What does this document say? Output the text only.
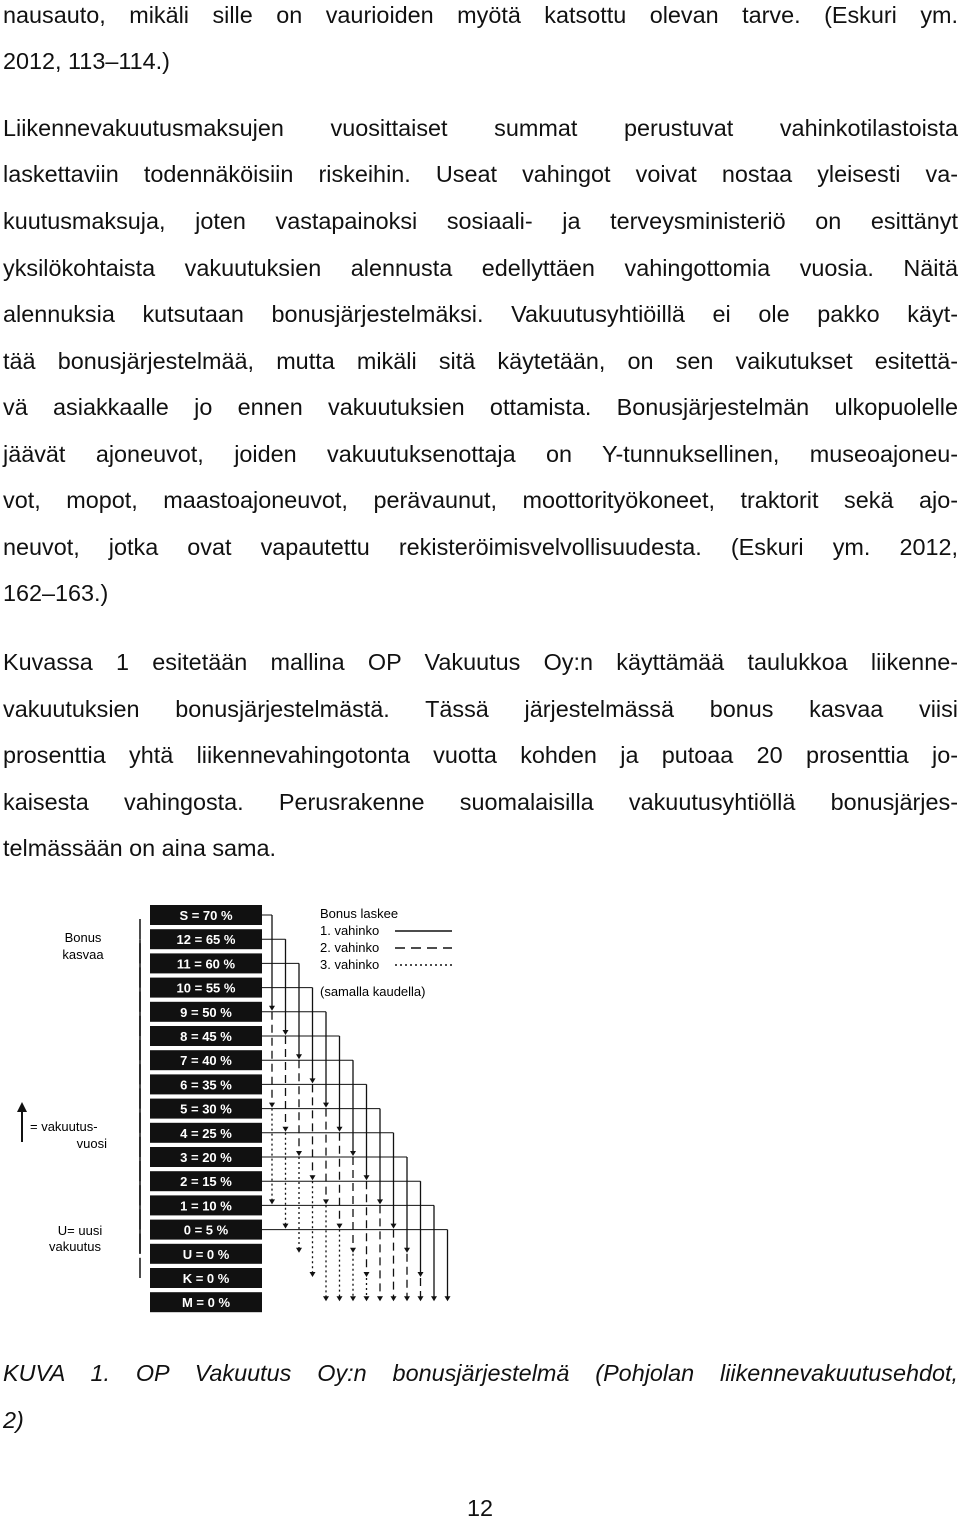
nausauto, mikäli sille on vaurioiden myötä katsottu olevan tarve. (Eskuri ym.
2012, 113–114.)
Liikennevakuutusmaksujen vuosittaiset summat perustuvat vahinkotilastoista
laskettaviin todennäköisiin riskeihin. Useat vahingot voivat nostaa yleisesti va-
kuutusmaksuja, joten vastapainoksi sosiaali- ja terveysministeriö on esittänyt
yksilökohtaista vakuutuksien alennusta edellyttäen vahingottomia vuosia. Näitä
alennuksia kutsutaan bonusjärjestelmäksi. Vakuutusyhtiöillä ei ole pakko käyt-
tää bonusjärjestelmää, mutta mikäli sitä käytetään, on sen vaikutukset esitettä-
vä asiakkaalle jo ennen vakuutuksien ottamista. Bonusjärjestelmän ulkopuolelle
jäävät ajoneuvot, joiden vakuutuksenottaja on Y-tunnuksellinen, museoajoneu-
vot, mopot, maastoajoneuvot, perävaunut, moottorityökoneet, traktorit sekä ajo-
neuvot, jotka ovat vapautettu rekisteröimisvelvollisuudesta. (Eskuri ym. 2012,
162–163.)
Kuvassa 1 esitetään mallina OP Vakuutus Oy:n käyttämää taulukkoa liikenne-
vakuutuksien bonusjärjestelmästä. Tässä järjestelmässä bonus kasvaa viisi
prosenttia yhtä liikennevahingotonta vuotta kohden ja putoaa 20 prosenttia jo-
kaisesta vahingosta. Perusrakenne suomalaisilla vakuutusyhtiöllä bonusjärjes-
telmässään on aina sama.
Bonus
kasvaa
= vakuutus-
vuosi
U= uusi
vakuutus
S = 70 %
12 = 65 %
11 = 60 %
10 = 55 %
9 = 50 %
8 = 45 %
7 = 40 %
6 = 35 %
5 = 30 %
4 = 25 %
3 = 20 %
2 = 15 %
1 = 10 %
0 = 5 %
U = 0 %
K = 0 %
M = 0 %
Bonus laskee
1. vahinko
2. vahinko
3. vahinko
(samalla kaudella)
KUVA 1. OP Vakuutus Oy:n bonusjärjestelmä (Pohjolan liikennevakuutusehdot,
2)
12
